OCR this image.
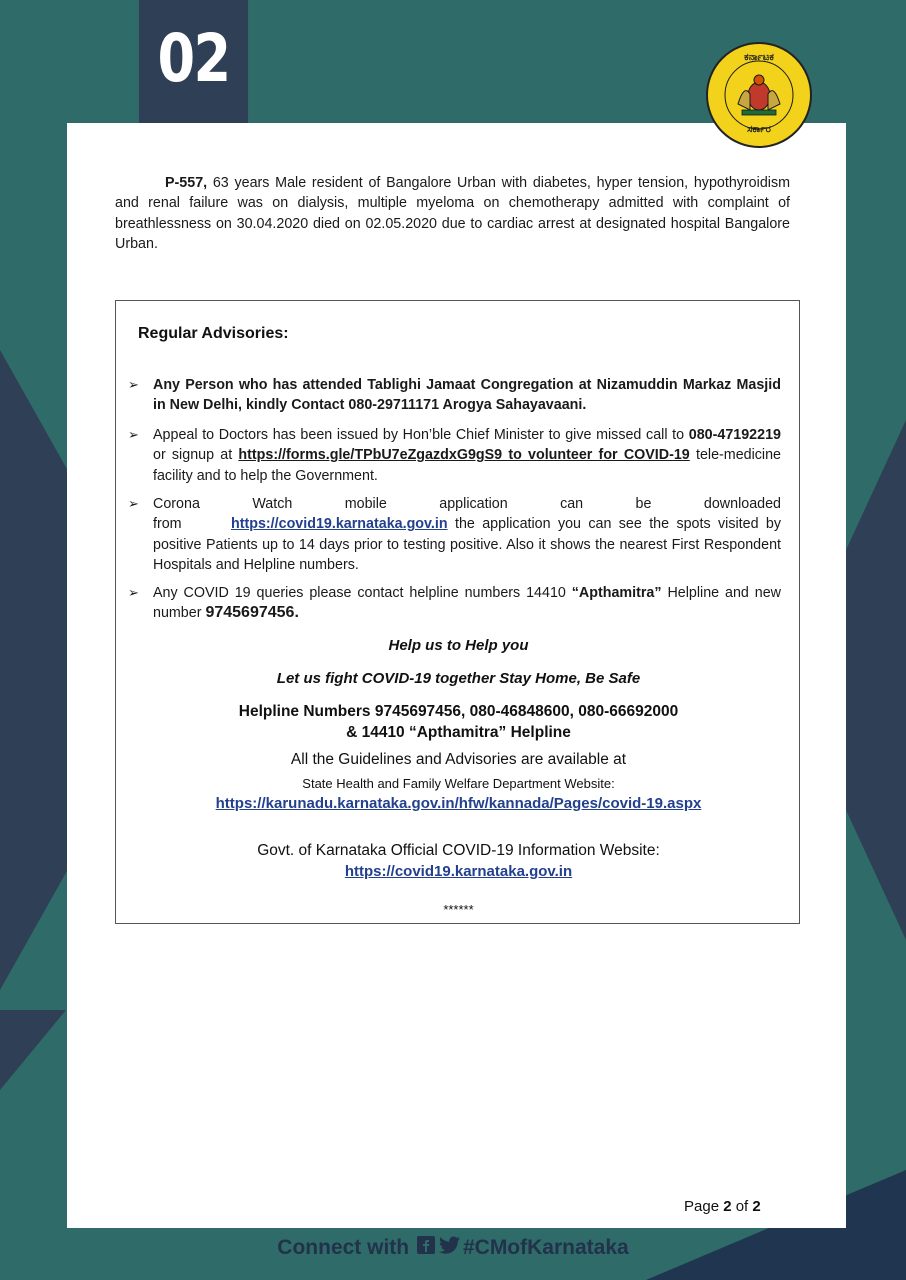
02	ಕರ್ನಾಟಕ
ಸರ್ಕಾರ

P-557, 63 years Male resident of Bangalore Urban with diabetes, hyper tension, hypothyroidism and renal failure was on dialysis, multiple myeloma on chemotherapy admitted with complaint of breathlessness on 30.04.2020 died on 02.05.2020 due to cardiac arrest at designated hospital Bangalore Urban.

Regular Advisories:
➢ Any Person who has attended Tablighi Jamaat Congregation at Nizamuddin Markaz Masjid in New Delhi, kindly Contact 080-29711171 Arogya Sahayavaani.
➢ Appeal to Doctors has been issued by Hon’ble Chief Minister to give missed call to 080-47192219 or signup at https://forms.gle/TPbU7eZgazdxG9gS9 to volunteer for COVID-19 tele-medicine facility and to help the Government.
➢ Corona Watch mobile application can be downloaded from https://covid19.karnataka.gov.in the application you can see the spots visited by positive Patients up to 14 days prior to testing positive. Also it shows the nearest First Respondent Hospitals and Helpline numbers.
➢ Any COVID 19 queries please contact helpline numbers 14410 “Apthamitra” Helpline and new number 9745697456.
Help us to Help you
Let us fight COVID-19 together Stay Home, Be Safe
Helpline Numbers 9745697456, 080-46848600, 080-66692000
& 14410 “Apthamitra” Helpline
All the Guidelines and Advisories are available at
State Health and Family Welfare Department Website:
https://karunadu.karnataka.gov.in/hfw/kannada/Pages/covid-19.aspx
Govt. of Karnataka Official COVID-19 Information Website:
https://covid19.karnataka.gov.in
******
Page 2 of 2
Connect with	#CMofKarnataka
